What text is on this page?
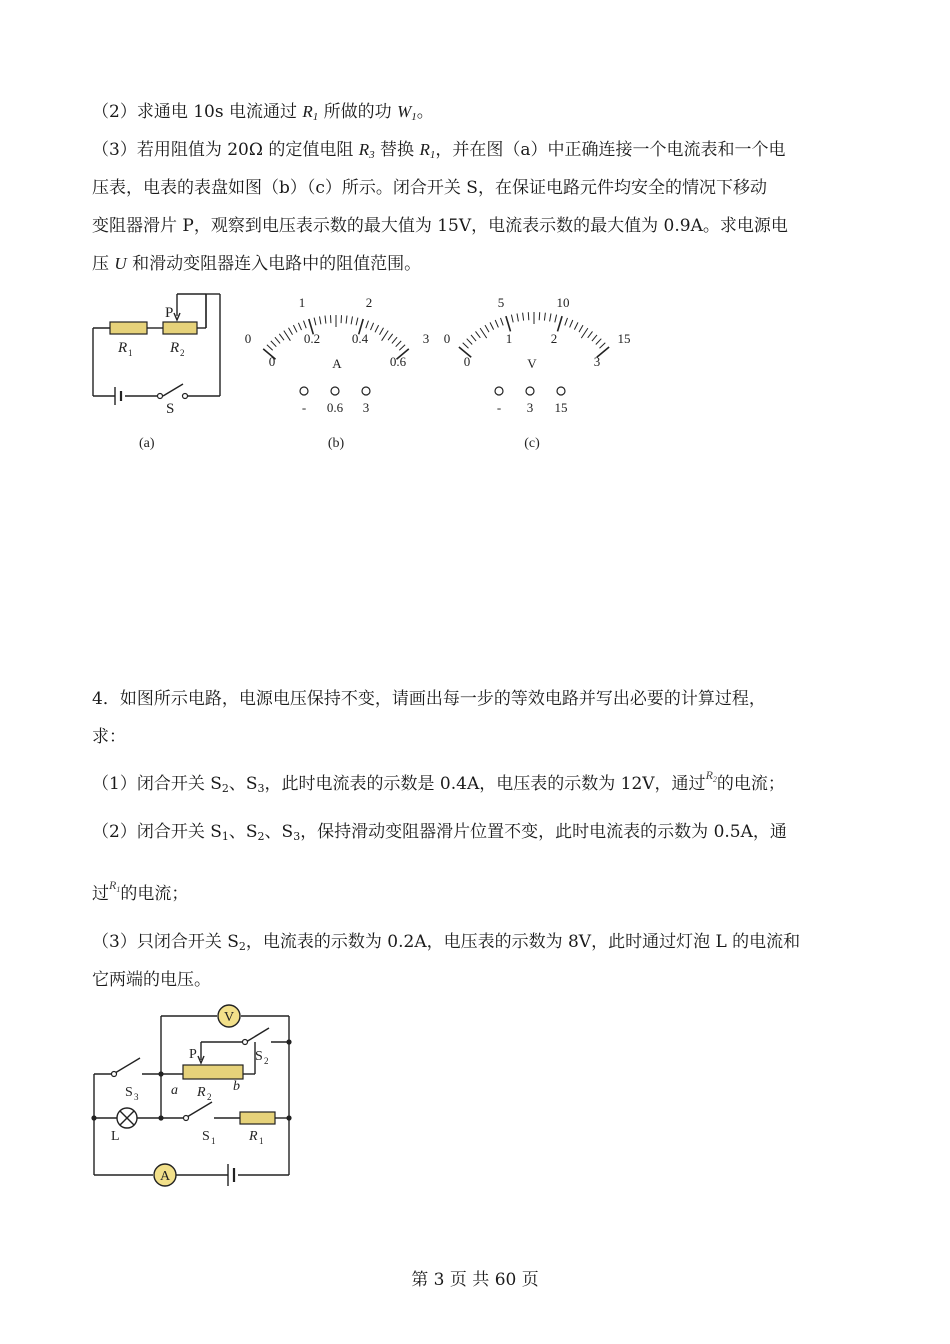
（2）求通电 10s 电流通过 $R_1$ 所做的功 $W_1$。
（3）若用阻值为 20Ω 的定值电阻 $R_3$ 替换 $R_1$，并在图（a）中正确连接一个电流表和一个电
压表，电表的表盘如图（b）（c）所示。闭合开关 S，在保证电路元件均安全的情况下移动
变阻器滑片 P，观察到电压表示数的最大值为 15V，电流表示数的最大值为 0.9A。求电源电
压 U 和滑动变阻器连入电路中的阻值范围。
P
R 1	R 2
S
(a)
1	2
0	3
0.2 0.4
0	0.6
A
- 0.6 3
(b)
5	10
0	15
1	2
0	3
V
- 3 15
(c)
4．如图所示电路，电源电压保持不变，请画出每一步的等效电路并写出必要的计算过程，
求：
（1）闭合开关 $S_2$、$S_3$，此时电流表的示数是 0.4A，电压表的示数为 12V，通过$^{R_2}$的电流；
（2）闭合开关 $S_1$、$S_2$、$S_3$，保持滑动变阻器滑片位置不变，此时电流表的示数为 0.5A，通
过$^{R_1}$的电流；
（3）只闭合开关 $S_2$，电流表的示数为 0.2A，电压表的示数为 8V，此时通过灯泡 L 的电流和
它两端的电压。
V
A
P	S 2
S 3 a R 2
b
L	S 1 R 1
第 3 页 共 60 页
